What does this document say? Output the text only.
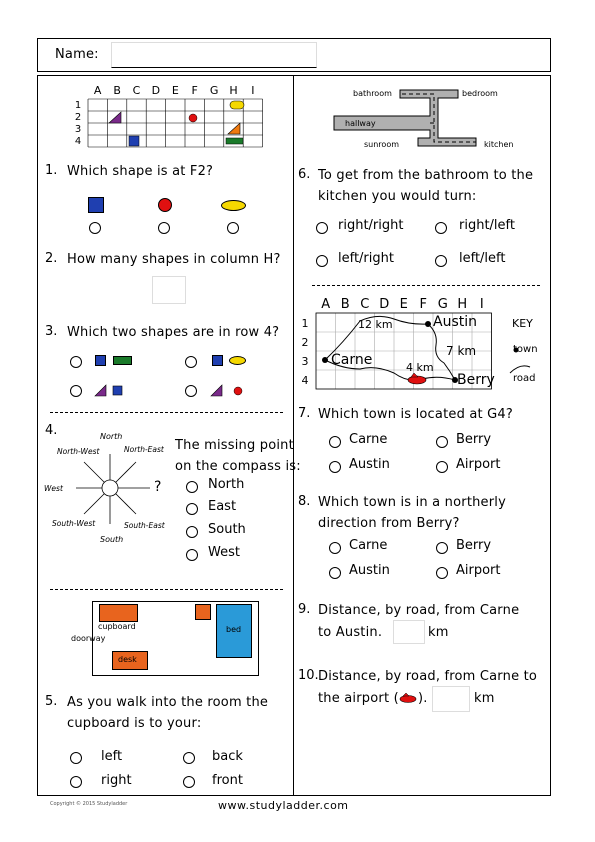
Name:
A B C D E F G H I
1
2
3
4
1. Which shape is at F2?
2. How many shapes in column H?
3. Which two shapes are in row 4?
4.	North
North-West	North-East
West	?
South-West	South-East
South
The missing point
on the compass is:
North
East
South
West
cupboard
doorway
bed
desk
5. As you walk into the room the
cupboard is to your:
left	back
right	front
bathroom	bedroom
hallway
sunroom	kitchen
6. To get from the bathroom to the
kitchen you would turn:
right/right	right/left
left/right	left/left
A B C D E F G H I
1
2
3
4
12 km	Austin
7 km
Carne	4 km
Berry
KEY
town
road
7. Which town is located at G4?
Carne	Berry
Austin	Airport
8. Which town is in a northerly
direction from Berry?
Carne	Berry
Austin	Airport
9. Distance, by road, from Carne
to Austin.	km
10. Distance, by road, from Carne to
the airport ( ).	km
Copyright © 2015 Studyladder	www.studyladder.com
